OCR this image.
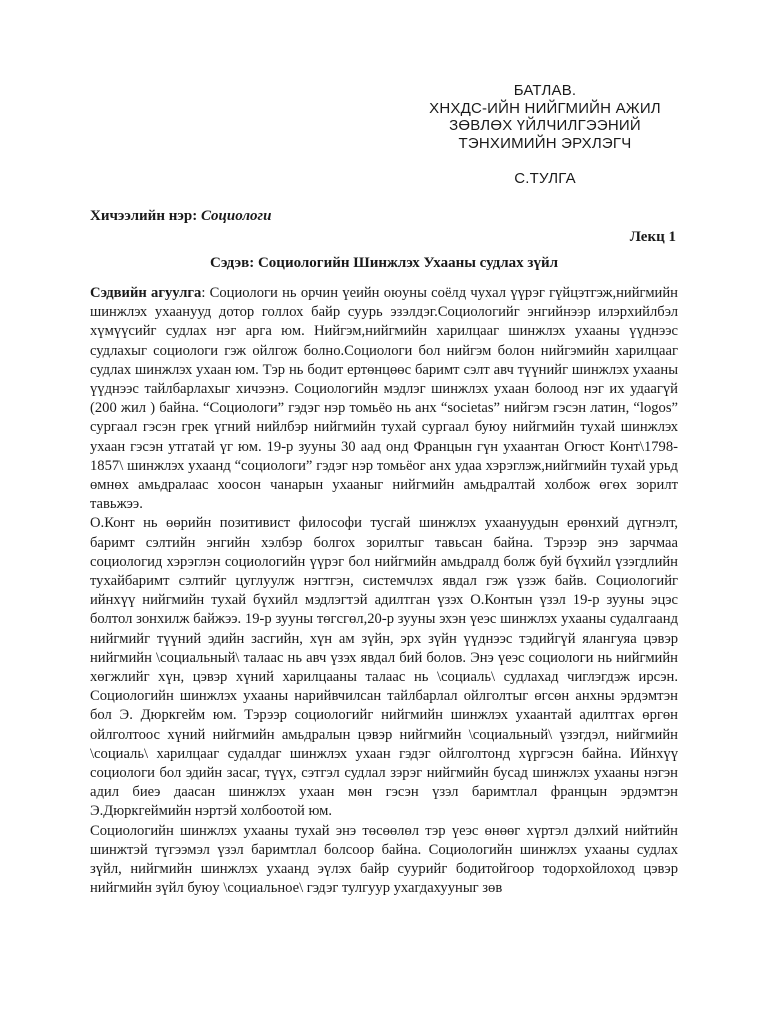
БАТЛАВ.
ХНХДС-ИЙН НИЙГМИЙН АЖИЛ
ЗӨВЛӨХ ҮЙЛЧИЛГЭЭНИЙ
ТЭНХИМИЙН ЭРХЛЭГЧ
С.ТУЛГА
Хичээлийн нэр: Социологи
Лекц 1
Сэдэв: Социологийн Шинжлэх Ухааны судлах зүйл

Сэдвийн агуулга: Социологи нь орчин үеийн оюуны соёлд чухал үүрэг гүйцэтгэж,нийгмийн шинжлэх ухаанууд дотор голлох байр суурь эзэлдэг.Социологийг энгийнээр илэрхийлбэл хүмүүсийг судлах нэг арга юм. Нийгэм,нийгмийн харилцааг шинжлэх ухааны үүднээс судлахыг социологи гэж ойлгож болно.Социологи бол нийгэм болон нийгэмийн харилцааг судлах шинжлэх ухаан юм. Тэр нь бодит ертөнцөөс баримт сэлт авч түүнийг шинжлэх ухааны үүднээс тайлбарлахыг хичээнэ. Социологийн мэдлэг шинжлэх ухаан болоод нэг их удаагүй (200 жил ) байна. “Социологи” гэдэг нэр томьёо нь анх “societas” нийгэм гэсэн латин, “logos” сургаал гэсэн грек үгний нийлбэр нийгмийн тухай сургаал буюу нийгмийн тухай шинжлэх ухаан гэсэн утгатай үг юм. 19-р зууны 30 аад онд Францын гүн ухаантан Огюст Конт\1798-1857\ шинжлэх ухаанд “социологи” гэдэг нэр томьёог анх удаа хэрэглэж,нийгмийн тухай урьд өмнөх амьдралаас хоосон чанарын ухааныг нийгмийн амьдралтай холбож өгөх зорилт тавьжээ.

О.Конт нь өөрийн позитивист философи тусгай шинжлэх ухаануудын ерөнхий дүгнэлт, баримт сэлтийн энгийн хэлбэр болгох зорилтыг тавьсан байна. Тэрээр энэ зарчмаа социологид хэрэглэн социологийн үүрэг бол нийгмийн амьдралд болж буй бүхийл үзэгдлийн тухайбаримт сэлтийг цуглуулж нэгтгэн, системчлэх явдал гэж үзэж байв. Социологийг ийнхүү нийгмийн тухай бүхийл мэдлэгтэй адилтган үзэх О.Контын үзэл 19-р зууны эцэс болтол зонхилж байжээ. 19-р зууны төгсгөл,20-р зууны эхэн үеэс шинжлэх ухааны судалгаанд нийгмийг түүний эдийн засгийн, хүн ам зүйн, эрх зүйн үүднээс тэдийгүй ялангуяа цэвэр нийгмийн \социальный\ талаас нь авч үзэх явдал бий болов. Энэ үеэс социологи нь нийгмийн хөгжлийг хүн, цэвэр хүний харилцааны талаас нь \социаль\ судлахад чиглэгдэж ирсэн. Социологийн шинжлэх ухааны нарийвчилсан тайлбарлал ойлголтыг өгсөн анхны эрдэмтэн бол Э. Дюркгейм юм. Тэрээр социологийг нийгмийн шинжлэх ухаантай адилтгах өргөн ойлголтоос хүний нийгмийн амьдралын цэвэр нийгмийн \социальный\ үзэгдэл, нийгмийн \социаль\ харилцааг судалдаг шинжлэх ухаан гэдэг ойлголтонд хүргэсэн байна. Ийнхүү социологи бол эдийн засаг, түүх, сэтгэл судлал зэрэг нийгмийн бусад шинжлэх ухааны нэгэн адил биеэ даасан шинжлэх ухаан мөн гэсэн үзэл баримтлал францын эрдэмтэн Э.Дюркгеймийн нэртэй холбоотой юм.

Социологийн шинжлэх ухааны тухай энэ төсөөлөл тэр үеэс өнөөг хүртэл дэлхий нийтийн шинжтэй түгээмэл үзэл баримтлал болсоор байна. Социологийн шинжлэх ухааны судлах зүйл, нийгмийн шинжлэх ухаанд эүлэх байр суурийг бодитойгоор тодорхойлоход цэвэр нийгмийн зүйл буюу \социальное\ гэдэг тулгуур ухагдахууныг зөв
